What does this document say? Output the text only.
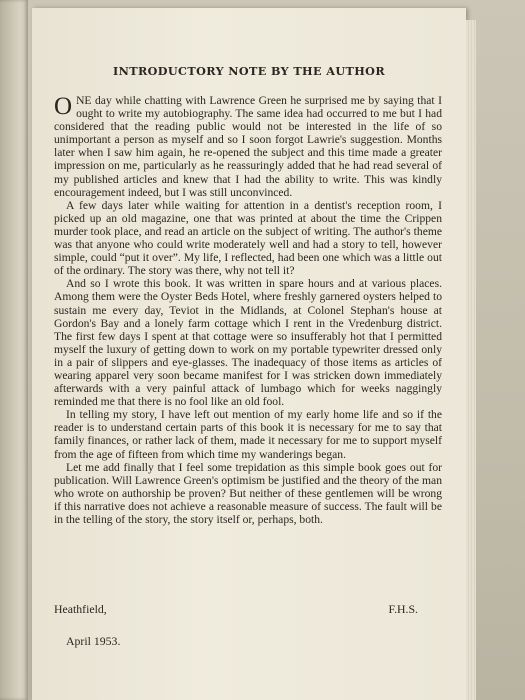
INTRODUCTORY NOTE BY THE AUTHOR

ONE day while chatting with Lawrence Green he surprised me by saying that I ought to write my autobiography. The same idea had occurred to me but I had considered that the reading public would not be interested in the life of so unimportant a person as myself and so I soon forgot Lawrie's suggestion. Months later when I saw him again, he re-opened the subject and this time made a greater impression on me, particularly as he reassuringly added that he had read several of my published articles and knew that I had the ability to write. This was kindly encouragement indeed, but I was still unconvinced.

A few days later while waiting for attention in a dentist's reception room, I picked up an old magazine, one that was printed at about the time the Crippen murder took place, and read an article on the subject of writing. The author's theme was that anyone who could write moderately well and had a story to tell, however simple, could “put it over”. My life, I reflected, had been one which was a little out of the ordinary. The story was there, why not tell it?

And so I wrote this book. It was written in spare hours and at various places. Among them were the Oyster Beds Hotel, where freshly garnered oysters helped to sustain me every day, Teviot in the Midlands, at Colonel Stephan's house at Gordon's Bay and a lonely farm cottage which I rent in the Vredenburg district. The first few days I spent at that cottage were so insufferably hot that I permitted myself the luxury of getting down to work on my portable typewriter dressed only in a pair of slippers and eye-glasses. The inadequacy of those items as articles of wearing apparel very soon became manifest for I was stricken down immediately afterwards with a very painful attack of lumbago which for weeks naggingly reminded me that there is no fool like an old fool.

In telling my story, I have left out mention of my early home life and so if the reader is to understand certain parts of this book it is necessary for me to say that family finances, or rather lack of them, made it necessary for me to support myself from the age of fifteen from which time my wanderings began.

Let me add finally that I feel some trepidation as this simple book goes out for publication. Will Lawrence Green's optimism be justified and the theory of the man who wrote on authorship be proven? But neither of these gentlemen will be wrong if this narrative does not achieve a reasonable measure of success. The fault will be in the telling of the story, the story itself or, perhaps, both.

Heathfield,	F.H.S.
April 1953.
